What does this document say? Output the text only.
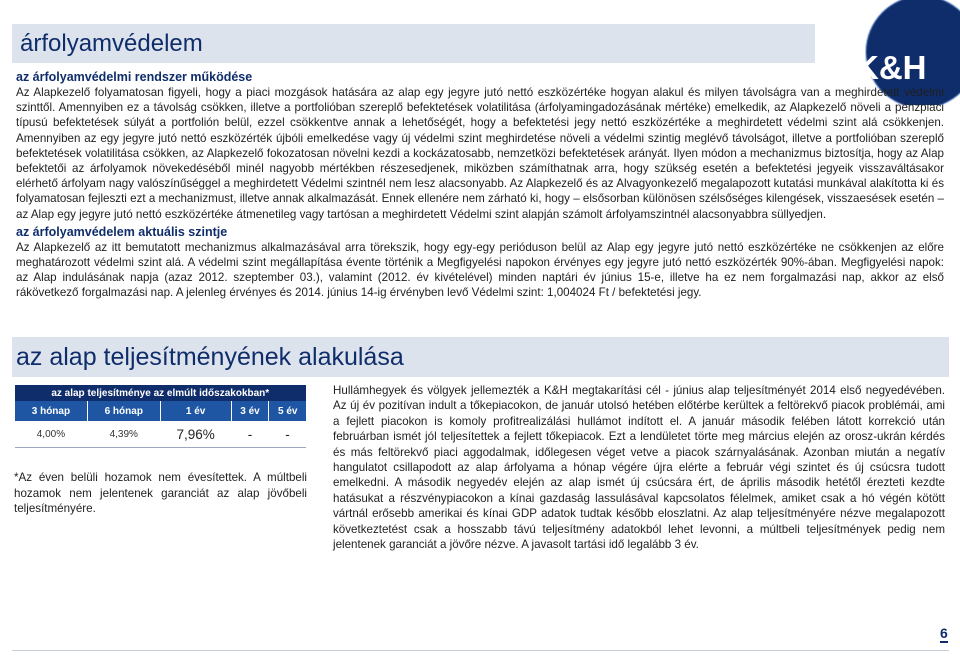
árfolyamvédelem
K&H

az árfolyamvédelmi rendszer működése

Az Alapkezelő folyamatosan figyeli, hogy a piaci mozgások hatására az alap egy jegyre jutó nettó eszközértéke hogyan alakul és milyen távolságra van a meghirdetett védelmi szinttől. Amennyiben ez a távolság csökken, illetve a portfolióban szereplő befektetések volatilitása (árfolyamingadozásának mértéke) emelkedik, az Alapkezelő növeli a pénzpiaci típusú befektetések súlyát a portfolión belül, ezzel csökkentve annak a lehetőségét, hogy a befektetési jegy nettó eszközértéke a meghirdetett védelmi szint alá csökkenjen. Amennyiben az egy jegyre jutó nettó eszközérték újbóli emelkedése vagy új védelmi szint meghirdetése növeli a védelmi szintig meglévő távolságot, illetve a portfolióban szereplő befektetések volatilitása csökken, az Alapkezelő fokozatosan növelni kezdi a kockázatosabb, nemzetközi befektetések arányát. Ilyen módon a mechanizmus biztosítja, hogy az Alap befektetői az árfolyamok növekedéséből minél nagyobb mértékben részesedjenek, miközben számíthatnak arra, hogy szükség esetén a befektetési jegyeik visszaváltásakor elérhető árfolyam nagy valószínűséggel a meghirdetett Védelmi szintnél nem lesz alacsonyabb. Az Alapkezelő és az Alvagyonkezelő megalapozott kutatási munkával alakította ki és folyamatosan fejleszti ezt a mechanizmust, illetve annak alkalmazását. Ennek ellenére nem zárható ki, hogy – elsősorban különösen szélsőséges kilengések, visszaesések esetén – az Alap egy jegyre jutó nettó eszközértéke átmenetileg vagy tartósan a meghirdetett Védelmi szint alapján számolt árfolyamszintnél alacsonyabbra süllyedjen.

az árfolyamvédelem aktuális szintje

Az Alapkezelő az itt bemutatott mechanizmus alkalmazásával arra törekszik, hogy egy-egy perióduson belül az Alap egy jegyre jutó nettó eszközértéke ne csökkenjen az előre meghatározott védelmi szint alá. A védelmi szint megállapítása évente történik a Megfigyelési napokon érvényes egy jegyre jutó nettó eszközérték 90%-ában. Megfigyelési napok: az Alap indulásának napja (azaz 2012. szeptember 03.), valamint (2012. év kivételével) minden naptári év június 15-e, illetve ha ez nem forgalmazási nap, akkor az első rákövetkező forgalmazási nap. A jelenleg érvényes és 2014. június 14-ig érvényben levő Védelmi szint: 1,004024 Ft / befektetési jegy.

az alap teljesítményének alakulása
az alap teljesítménye az elmúlt időszakokban*				
3 hónap	6 hónap	1 év	3 év	5 év
4,00%	4,39%	7,96%	-	-

*Az éven belüli hozamok nem évesítettek. A múltbeli hozamok nem jelentenek garanciát az alap jövőbeli teljesítményére.

Hullámhegyek és völgyek jellemezték a K&H megtakarítási cél - június alap teljesítményét 2014 első negyedévében. Az új év pozitívan indult a tőkepiacokon, de január utolsó hetében előtérbe kerültek a feltörekvő piacok problémái, ami a fejlett piacokon is komoly profitrealizálási hullámot indított el. A január második felében látott korrekció után februárban ismét jól teljesítettek a fejlett tőkepiacok. Ezt a lendületet törte meg március elején az orosz-ukrán kérdés és más feltörekvő piaci aggodalmak, időlegesen véget vetve a piacok szárnyalásának. Azonban miután a negatív hangulatot csillapodott az alap árfolyama a hónap végére újra elérte a február végi szintet és új csúcsra tudott emelkedni. A második negyedév elején az alap ismét új csúcsára ért, de április második hetétől érezteti kezdte hatásukat a részvénypiacokon a kínai gazdaság lassulásával kapcsolatos félelmek, amiket csak a hó végén kötött vártnál erősebb amerikai és kínai GDP adatok tudtak később eloszlatni. Az alap teljesítményére nézve megalapozott következtetést csak a hosszabb távú teljesítmény adatokból lehet levonni, a múltbeli teljesítmények pedig nem jelentenek garanciát a jövőre nézve. A javasolt tartási idő legalább 3 év.

6
